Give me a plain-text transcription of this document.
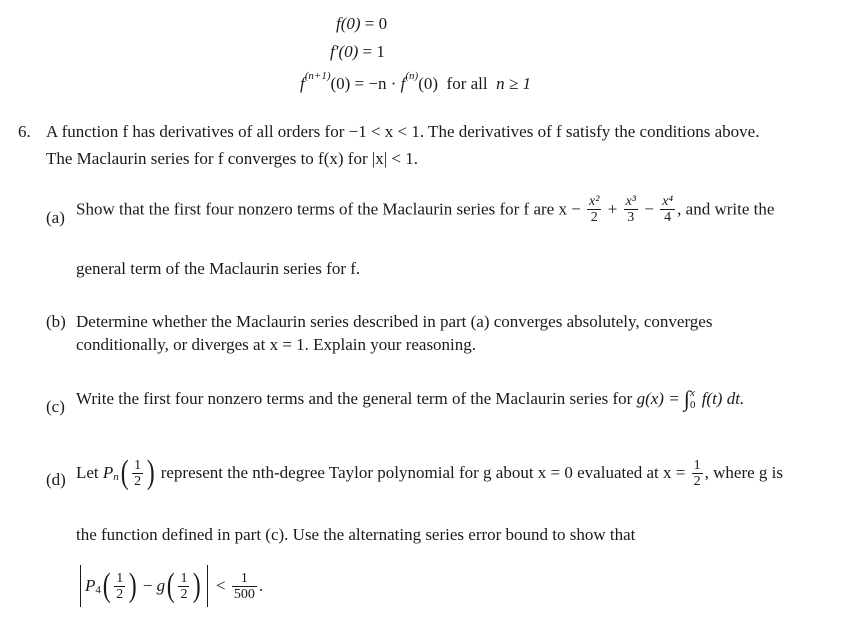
f(0) = 0
f′(0) = 1
$f^{(n+1)}(0) = -n \cdot f^{(n)}(0)$ for all n ≥ 1
6. A function f has derivatives of all orders for −1 < x < 1. The derivatives of f satisfy the conditions above.
The Maclaurin series for f converges to f(x) for |x| < 1.
(a) Show that the first four nonzero terms of the Maclaurin series for f are $x - \frac{\text{x²}}{2} + \frac{\text{x³}}{3} - \frac{\text{x⁴}}{4}$ , and write the
general term of the Maclaurin series for f.
(b) Determine whether the Maclaurin series described in part (a) converges absolutely, converges
conditionally, or diverges at x = 1. Explain your reasoning.
(c) Write the first four nonzero terms and the general term of the Maclaurin series for g(x) = ∫ x
0 f(t) dt.
(d) Let $P_n( \frac{1}{2}$ ) represent the nth-degree Taylor polynomial for g about x = 0 evaluated at $x = \frac{1}{2}$ , where g is
the function defined in part (c). Use the alternating series error bound to show that
$P_4( \frac{1}{2}$ ) − $g( \frac{1}{2}$ ) < $\frac{1}{500}$ .
